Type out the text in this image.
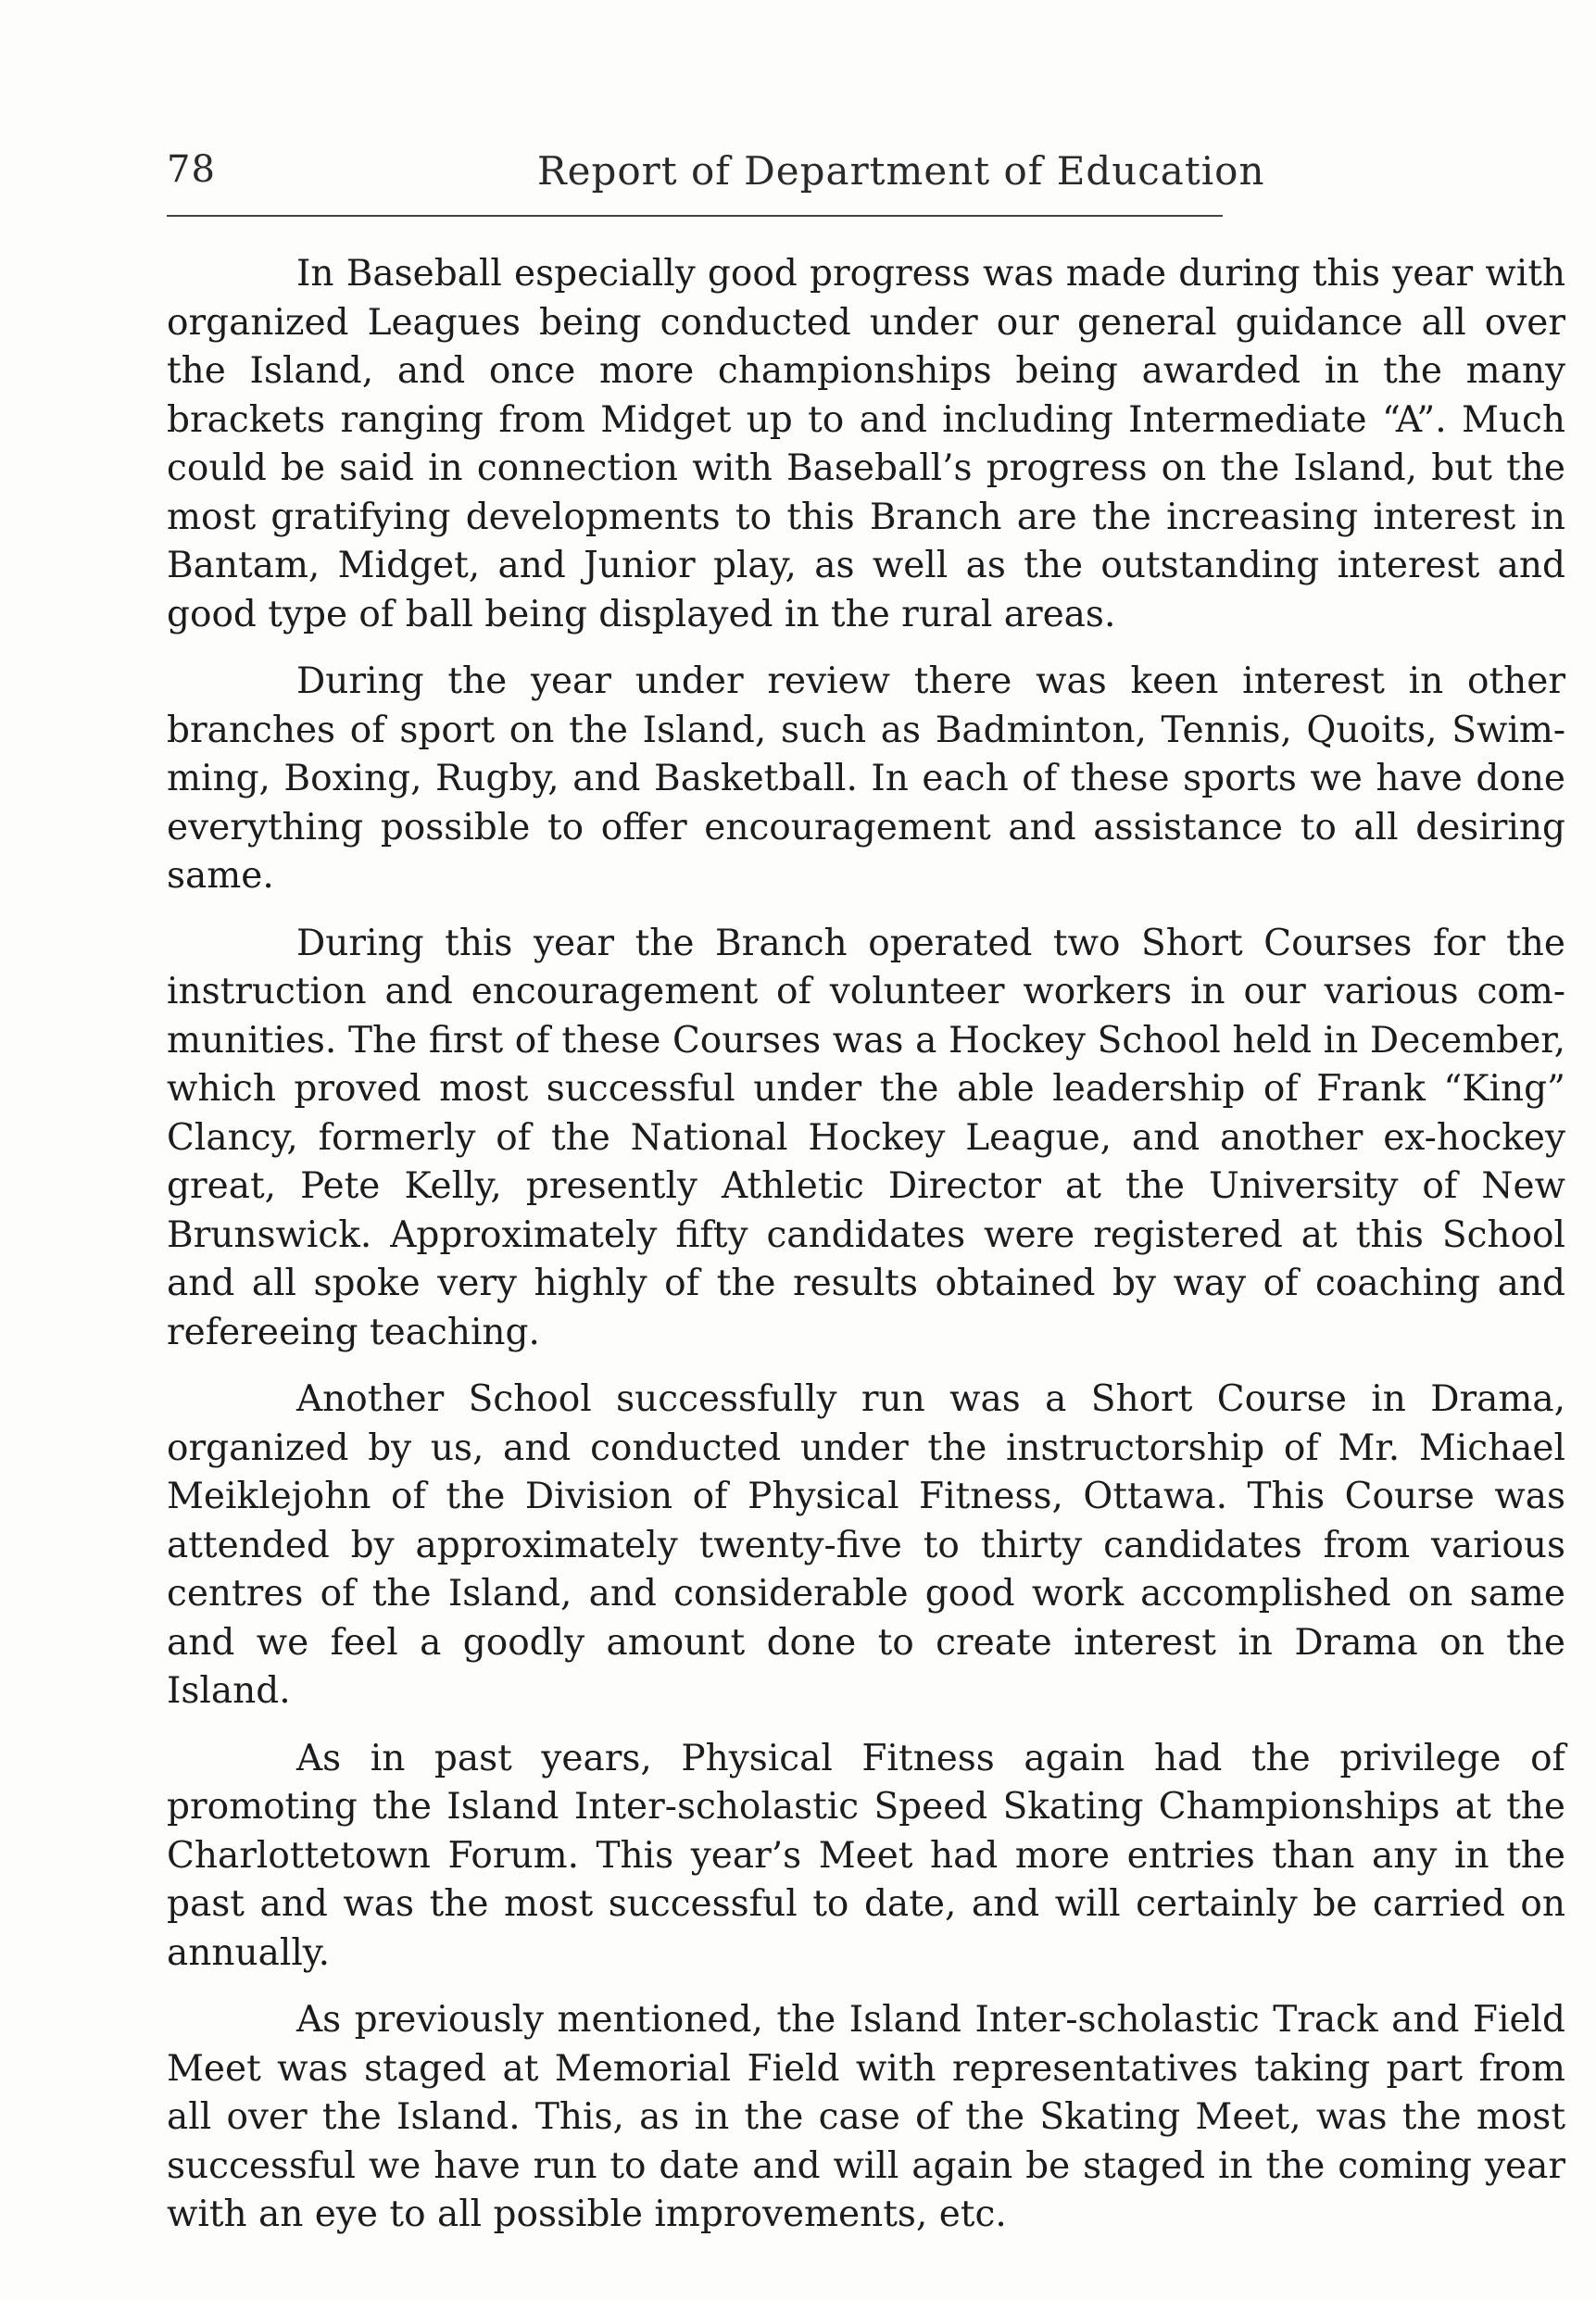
78	Report of Department of Education

In Baseball especially good progress was made during this year with organized Leagues being conducted under our general guidance all over the Island, and once more championships being awarded in the many brackets ranging from Midget up to and including Intermediate “A”. Much could be said in connection with Baseball’s progress on the Island, but the most gratifying developments to this Branch are the increasing interest in Bantam, Midget, and Junior play, as well as the outstanding interest and good type of ball being displayed in the rural areas.

During the year under review there was keen interest in other branches of sport on the Island, such as Badminton, Tennis, Quoits, Swimming, Boxing, Rugby, and Basketball. In each of these sports we have done everything possible to offer encouragement and assistance to all desiring same.

During this year the Branch operated two Short Courses for the instruction and encouragement of volunteer workers in our various communities. The first of these Courses was a Hockey School held in December, which proved most successful under the able leadership of Frank “King” Clancy, formerly of the National Hockey League, and another ex-hockey great, Pete Kelly, presently Athletic Director at the University of New Brunswick. Approximately fifty candidates were registered at this School and all spoke very highly of the results obtained by way of coaching and refereeing teaching.

Another School successfully run was a Short Course in Drama, organized by us, and conducted under the instructorship of Mr. Michael Meiklejohn of the Division of Physical Fitness, Ottawa. This Course was attended by approximately twenty-five to thirty candidates from various centres of the Island, and considerable good work accomplished on same and we feel a goodly amount done to create interest in Drama on the Island.

As in past years, Physical Fitness again had the privilege of promoting the Island Inter-scholastic Speed Skating Championships at the Charlottetown Forum. This year’s Meet had more entries than any in the past and was the most successful to date, and will certainly be carried on annually.

As previously mentioned, the Island Inter-scholastic Track and Field Meet was staged at Memorial Field with representatives taking part from all over the Island. This, as in the case of the Skating Meet, was the most successful we have run to date and will again be staged in the coming year with an eye to all possible improvements, etc.
